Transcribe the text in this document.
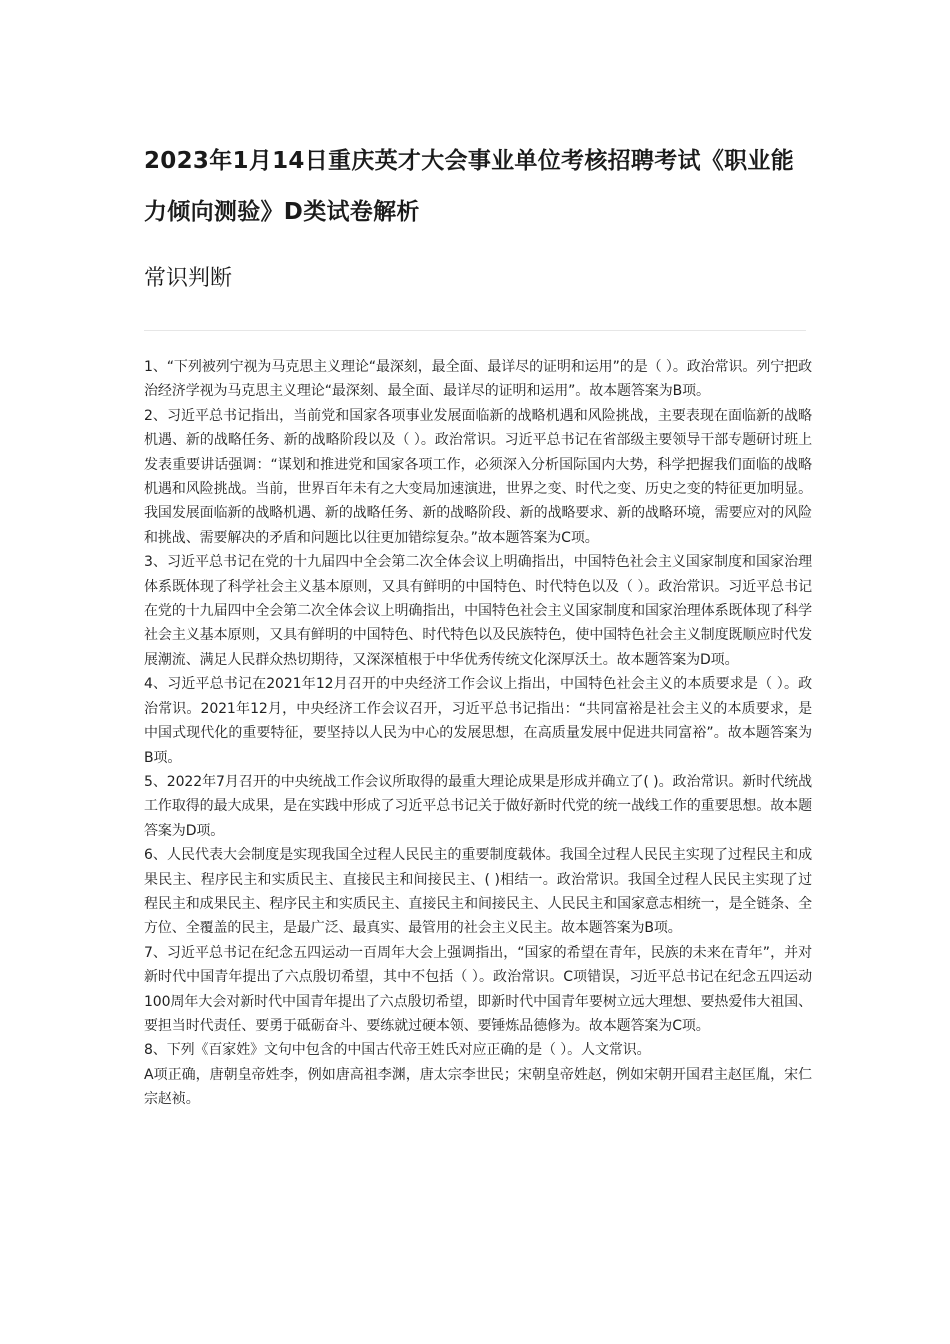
2023年1月14日重庆英才大会事业单位考核招聘考试《职业能力倾向测验》D类试卷解析
常识判断

1、“下列被列宁视为马克思主义理论“最深刻，最全面、最详尽的证明和运用”的是（ ）。政治常识。列宁把政治经济学视为马克思主义理论“最深刻、最全面、最详尽的证明和运用”。故本题答案为B项。

2、习近平总书记指出，当前党和国家各项事业发展面临新的战略机遇和风险挑战，主要表现在面临新的战略机遇、新的战略任务、新的战略阶段以及（ ）。政治常识。习近平总书记在省部级主要领导干部专题研讨班上发表重要讲话强调：“谋划和推进党和国家各项工作，必须深入分析国际国内大势，科学把握我们面临的战略机遇和风险挑战。当前，世界百年未有之大变局加速演进，世界之变、时代之变、历史之变的特征更加明显。我国发展面临新的战略机遇、新的战略任务、新的战略阶段、新的战略要求、新的战略环境，需要应对的风险和挑战、需要解决的矛盾和问题比以往更加错综复杂。”故本题答案为C项。

3、习近平总书记在党的十九届四中全会第二次全体会议上明确指出，中国特色社会主义国家制度和国家治理体系既体现了科学社会主义基本原则，又具有鲜明的中国特色、时代特色以及（ ）。政治常识。习近平总书记在党的十九届四中全会第二次全体会议上明确指出，中国特色社会主义国家制度和国家治理体系既体现了科学社会主义基本原则，又具有鲜明的中国特色、时代特色以及民族特色，使中国特色社会主义制度既顺应时代发展潮流、满足人民群众热切期待，又深深植根于中华优秀传统文化深厚沃土。故本题答案为D项。

4、习近平总书记在2021年12月召开的中央经济工作会议上指出，中国特色社会主义的本质要求是（ ）。政治常识。2021年12月，中央经济工作会议召开，习近平总书记指出：“共同富裕是社会主义的本质要求，是中国式现代化的重要特征，要坚持以人民为中心的发展思想，在高质量发展中促进共同富裕”。故本题答案为B项。

5、2022年7月召开的中央统战工作会议所取得的最重大理论成果是形成并确立了( )。政治常识。新时代统战工作取得的最大成果，是在实践中形成了习近平总书记关于做好新时代党的统一战线工作的重要思想。故本题答案为D项。

6、人民代表大会制度是实现我国全过程人民民主的重要制度载体。我国全过程人民民主实现了过程民主和成果民主、程序民主和实质民主、直接民主和间接民主、( )相结一。政治常识。我国全过程人民民主实现了过程民主和成果民主、程序民主和实质民主、直接民主和间接民主、人民民主和国家意志相统一，是全链条、全方位、全覆盖的民主，是最广泛、最真实、最管用的社会主义民主。故本题答案为B项。

7、习近平总书记在纪念五四运动一百周年大会上强调指出，“国家的希望在青年，民族的未来在青年”，并对新时代中国青年提出了六点殷切希望，其中不包括（ ）。政治常识。C项错误，习近平总书记在纪念五四运动100周年大会对新时代中国青年提出了六点殷切希望，即新时代中国青年要树立远大理想、要热爱伟大祖国、要担当时代责任、要勇于砥砺奋斗、要练就过硬本领、要锤炼品德修为。故本题答案为C项。

8、下列《百家姓》文句中包含的中国古代帝王姓氏对应正确的是（ ）。人文常识。

A项正确，唐朝皇帝姓李，例如唐高祖李渊，唐太宗李世民；宋朝皇帝姓赵，例如宋朝开国君主赵匡胤，宋仁宗赵祯。
